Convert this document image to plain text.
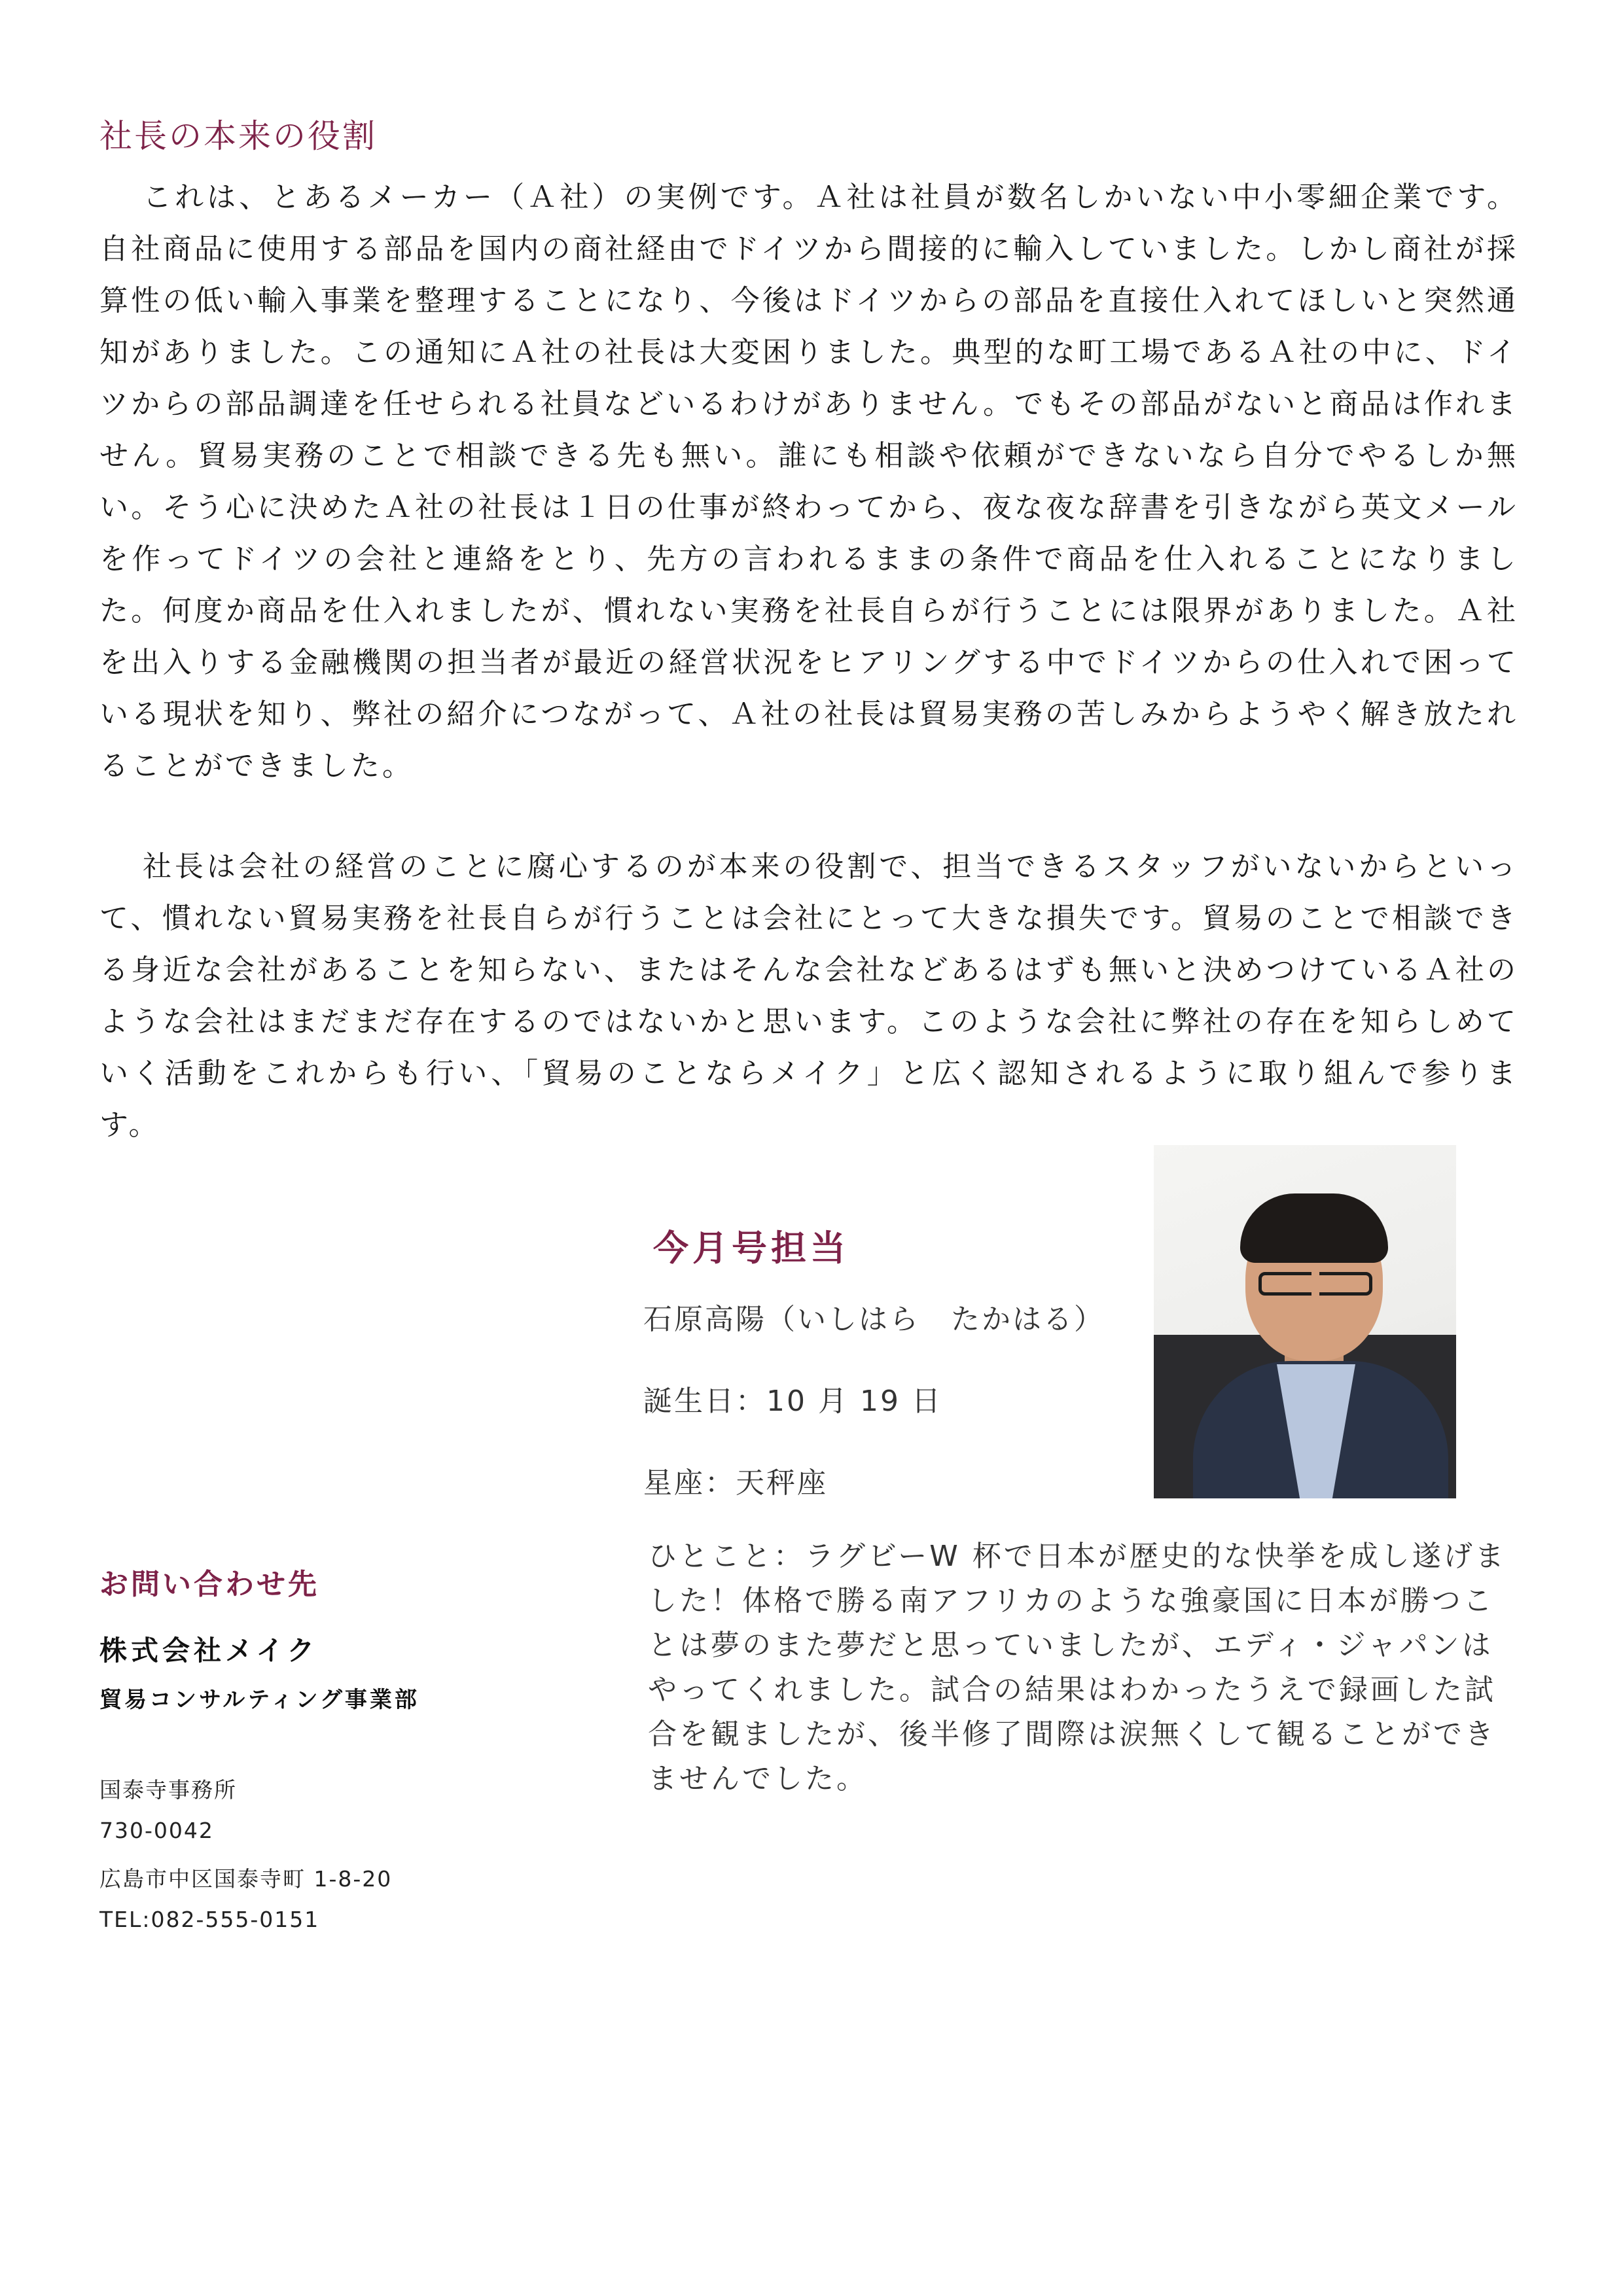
社長の本来の役割

これは、とあるメーカー（Ａ社）の実例です。Ａ社は社員が数名しかいない中小零細企業です。自社商品に使用する部品を国内の商社経由でドイツから間接的に輸入していました。しかし商社が採算性の低い輸入事業を整理することになり、今後はドイツからの部品を直接仕入れてほしいと突然通知がありました。この通知にＡ社の社長は大変困りました。典型的な町工場であるＡ社の中に、ドイツからの部品調達を任せられる社員などいるわけがありません。でもその部品がないと商品は作れません。貿易実務のことで相談できる先も無い。誰にも相談や依頼ができないなら自分でやるしか無い。そう心に決めたＡ社の社長は１日の仕事が終わってから、夜な夜な辞書を引きながら英文メールを作ってドイツの会社と連絡をとり、先方の言われるままの条件で商品を仕入れることになりました。何度か商品を仕入れましたが、慣れない実務を社長自らが行うことには限界がありました。Ａ社を出入りする金融機関の担当者が最近の経営状況をヒアリングする中でドイツからの仕入れで困っている現状を知り、弊社の紹介につながって、Ａ社の社長は貿易実務の苦しみからようやく解き放たれることができました。

社長は会社の経営のことに腐心するのが本来の役割で、担当できるスタッフがいないからといって、慣れない貿易実務を社長自らが行うことは会社にとって大きな損失です。貿易のことで相談できる身近な会社があることを知らない、またはそんな会社などあるはずも無いと決めつけているＡ社のような会社はまだまだ存在するのではないかと思います。このような会社に弊社の存在を知らしめていく活動をこれからも行い、「貿易のことならメイク」と広く認知されるように取り組んで参ります。

今月号担当

石原高陽（いしはら　たかはる）

誕生日：10 月 19 日

星座：天秤座

ひとこと：ラグビーW 杯で日本が歴史的な快挙を成し遂げました！体格で勝る南アフリカのような強豪国に日本が勝つことは夢のまた夢だと思っていましたが、エディ・ジャパンはやってくれました。試合の結果はわかったうえで録画した試合を観ましたが、後半修了間際は涙無くして観ることができませんでした。

お問い合わせ先

株式会社メイク

貿易コンサルティング事業部

国泰寺事務所

730-0042

広島市中区国泰寺町 1-8-20

TEL:082-555-0151
